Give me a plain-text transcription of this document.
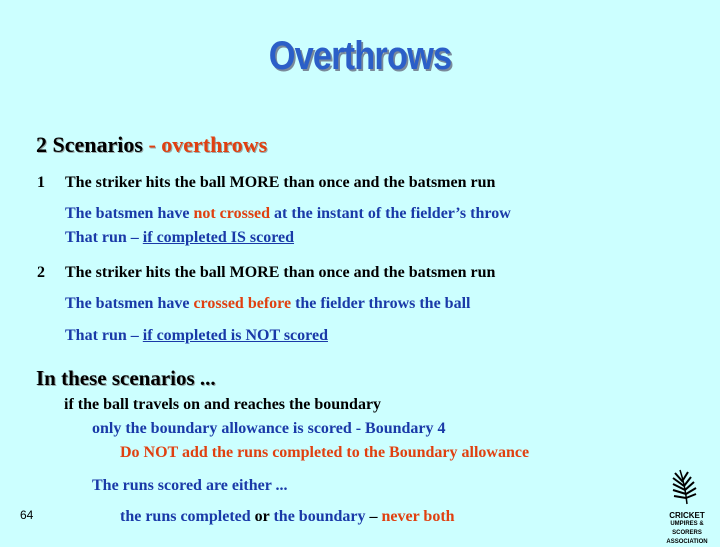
Overthrows
2 Scenarios - overthrows
1 The striker hits the ball MORE than once and the batsmen run
The batsmen have not crossed at the instant of the fielder’s throw
That run – if completed IS scored
2 The striker hits the ball MORE than once and the batsmen run
The batsmen have crossed before the fielder throws the ball
That run – if completed is NOT scored
In these scenarios ...
if the ball travels on and reaches the boundary
only the boundary allowance is scored - Boundary 4
Do NOT add the runs completed to the Boundary allowance
The runs scored are either ...
the runs completed or the boundary – never both
64	CRICKET
UMPIRES & SCORERS
ASSOCIATION
